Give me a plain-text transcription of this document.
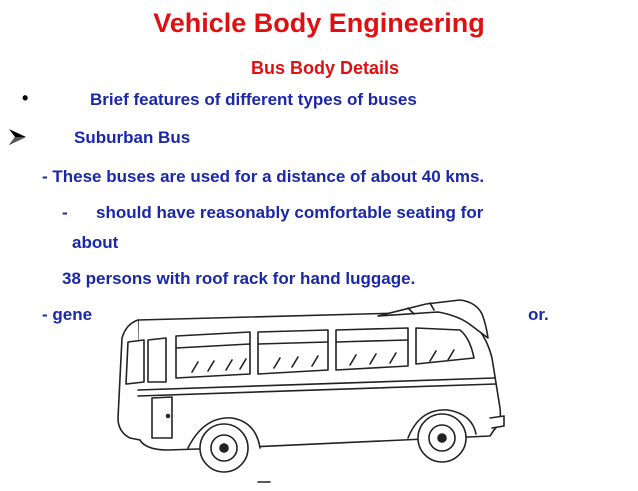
Vehicle Body Engineering
Bus Body Details
•	Brief features of different types of buses
Suburban Bus
- These buses are used for a distance of about 40 kms.
- should have reasonably comfortable seating for
about
38 persons with roof rack for hand luggage.
- gene	or.
